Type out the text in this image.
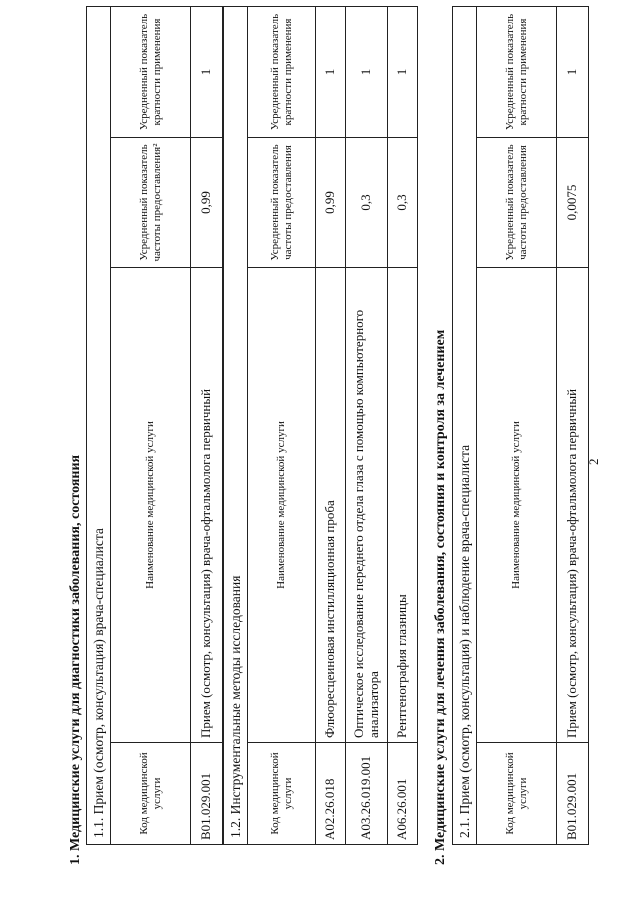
2
1. Медицинские услуги для диагностики заболевания, состояния 1.1. Прием (осмотр, консультация) врача-специалиста			
Код медицинской услуги	Наименование медицинской услуги	Усредненный показатель частоты предоставления²	Усредненный показатель кратности применения
B01.029.001	Прием (осмотр, консультация) врача-офтальмолога первичный	0,99	1
1.2. Инструментальные методы исследования			
Код медицинской услуги	Наименование медицинской услуги	Усредненный показатель частоты предоставления	Усредненный показатель кратности применения
A02.26.018	Флюоресцеиновая инстилляционная проба	0,99	1
A03.26.019.001	Оптическое исследование переднего отдела глаза с помощью компьютерного анализатора	0,3	1
A06.26.001	Рентгенография глазницы	0,3	1
2. Медицинские услуги для лечения заболевания, состояния и контроля за лечением 2.1. Прием (осмотр, консультация) и наблюдение врача-специалиста			
Код медицинской услуги	Наименование медицинской услуги	Усредненный показатель частоты предоставления	Усредненный показатель кратности применения
B01.029.001	Прием (осмотр, консультация) врача-офтальмолога первичный	0,0075	1
